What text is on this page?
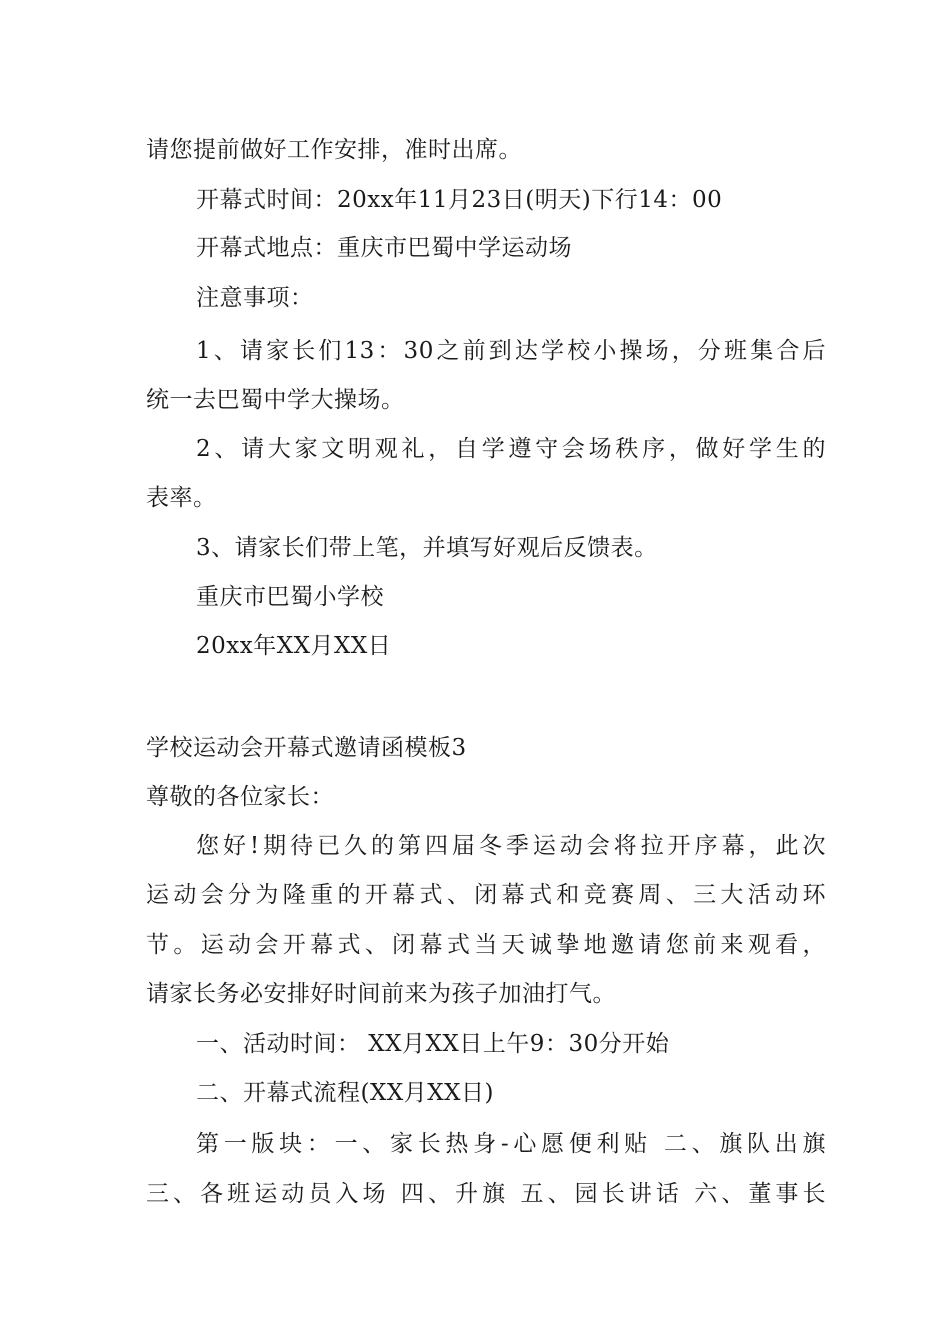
请您提前做好工作安排，准时出席。
开幕式时间：20xx年11月23日(明天)下行14：00
开幕式地点：重庆市巴蜀中学运动场
注意事项：
1、请家长们13：30之前到达学校小操场，分班集合后
统一去巴蜀中学大操场。
2、请大家文明观礼，自学遵守会场秩序，做好学生的
表率。
3、请家长们带上笔，并填写好观后反馈表。
重庆市巴蜀小学校
20xx年XX月XX日
学校运动会开幕式邀请函模板3
尊敬的各位家长：
您好!期待已久的第四届冬季运动会将拉开序幕，此次
运动会分为隆重的开幕式、闭幕式和竞赛周、三大活动环
节。运动会开幕式、闭幕式当天诚挚地邀请您前来观看，
请家长务必安排好时间前来为孩子加油打气。
一、活动时间： XX月XX日上午9：30分开始
二、开幕式流程(XX月XX日)
第一版块：一、家长热身-心愿便利贴 二、旗队出旗
三、各班运动员入场 四、升旗 五、园长讲话 六、董事长
